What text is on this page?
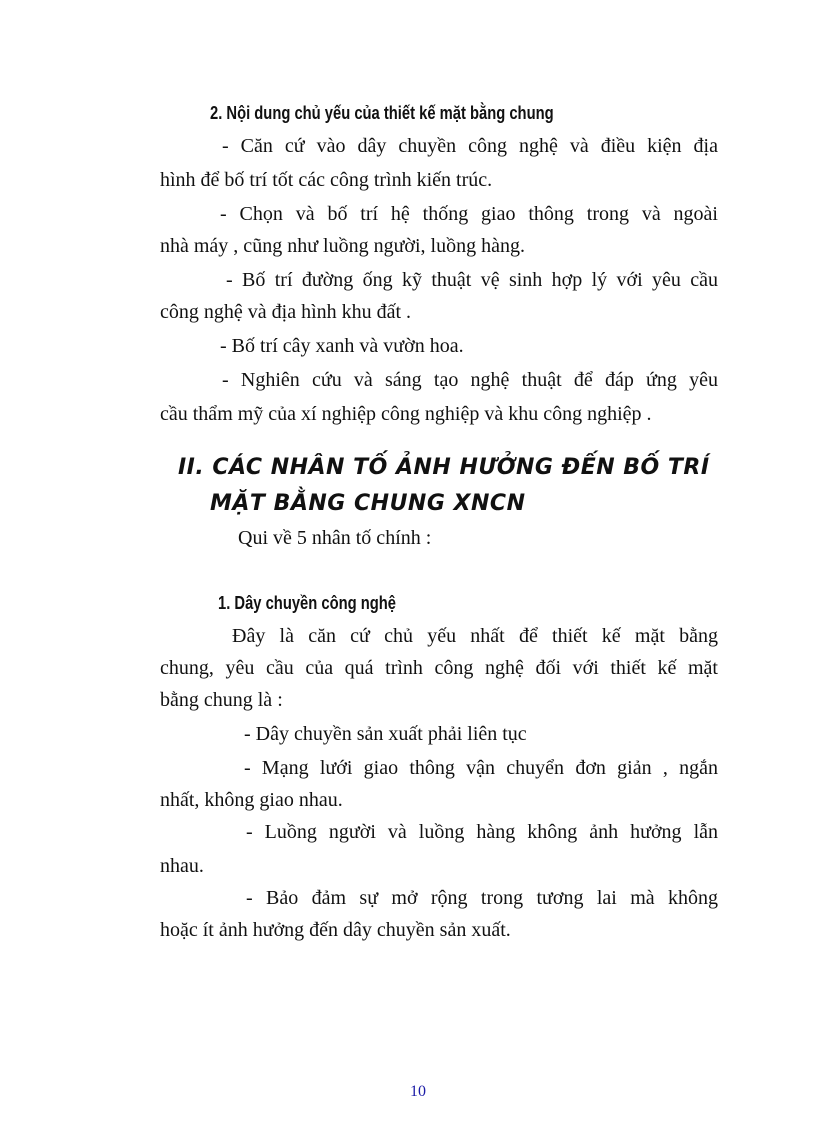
2. Nội dung chủ yếu của thiết kế mặt bằng chung
- Căn cứ vào dây chuyền công nghệ và điều kiện địa
hình để bố trí tốt các công trình kiến trúc.
- Chọn và bố trí hệ thống giao thông trong và ngoài
nhà máy , cũng như luồng người, luồng hàng.
- Bố trí đường ống kỹ thuật vệ sinh hợp lý với yêu cầu
công nghệ và địa hình khu đất .
- Bố trí cây xanh và vườn hoa.
- Nghiên cứu và sáng tạo nghệ thuật để đáp ứng yêu
cầu thẩm mỹ của xí nghiệp công nghiệp và khu công nghiệp .
II. CÁC NHÂN TỐ ẢNH HƯỞNG ĐẾN BỐ TRÍ
MẶT BẰNG CHUNG XNCN
Qui về 5 nhân tố chính :
1. Dây chuyền công nghệ
Đây là căn cứ chủ yếu nhất để thiết kế mặt bằng
chung, yêu cầu của quá trình công nghệ đối với thiết kế mặt
bằng chung là :
- Dây chuyền sản xuất phải liên tục
- Mạng lưới giao thông vận chuyển đơn giản , ngắn
nhất, không giao nhau.
- Luồng người và luồng hàng không ảnh hưởng lẫn
nhau.
- Bảo đảm sự mở rộng trong tương lai mà không
hoặc ít ảnh hưởng đến dây chuyền sản xuất.
10
